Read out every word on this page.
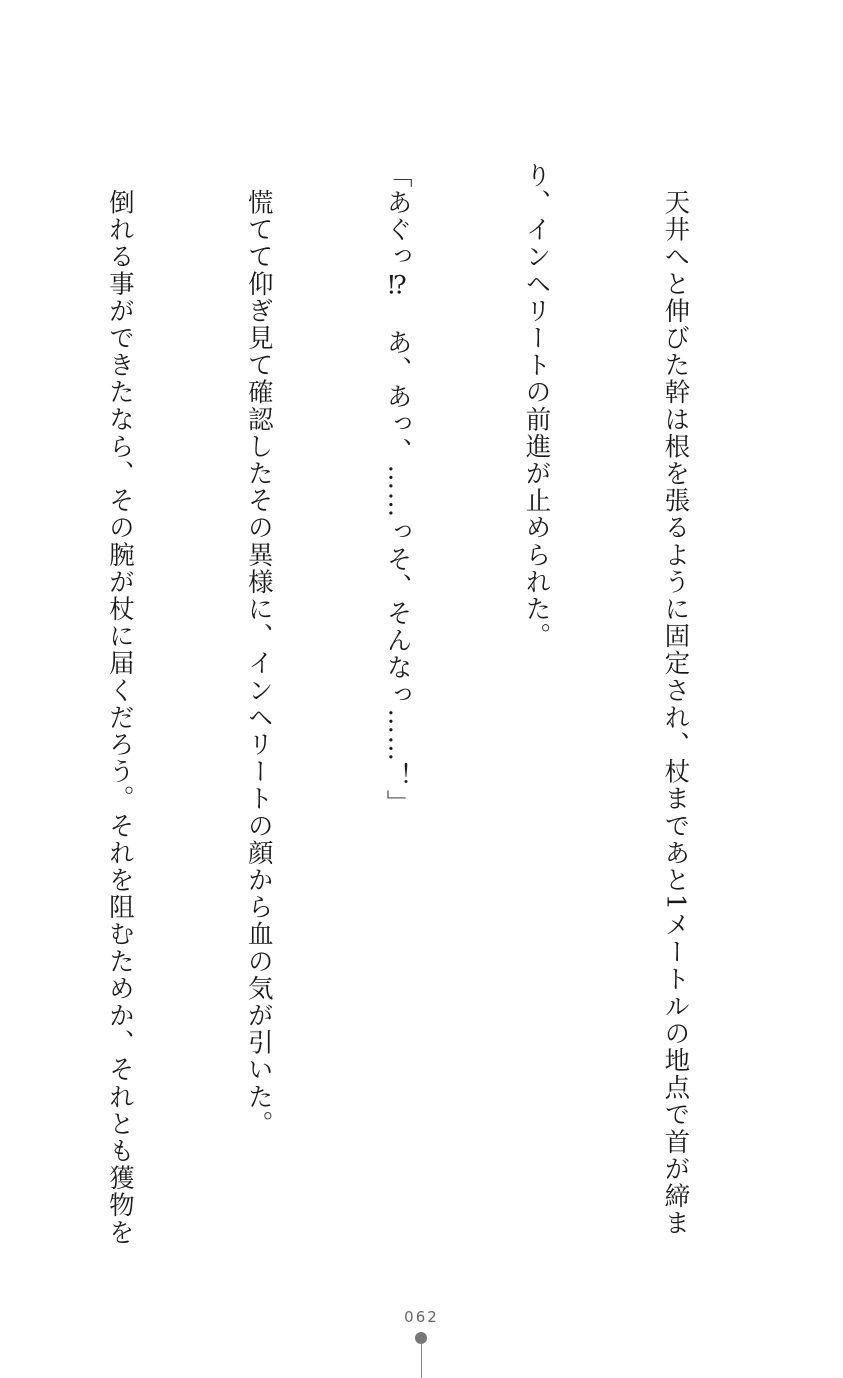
　天井へと伸びた幹は根を張るように固定され、杖まであと1メートルの地点で首が締ま

り、インヘリートの前進が止められた。

「あぐっ⁉　あ、あっ、……っそ、そんなっ……！」

　慌てて仰ぎ見て確認したその異様に、インヘリートの顔から血の気が引いた。

　倒れる事ができたなら、その腕が杖に届くだろう。それを阻むためか、それとも獲物を

062
